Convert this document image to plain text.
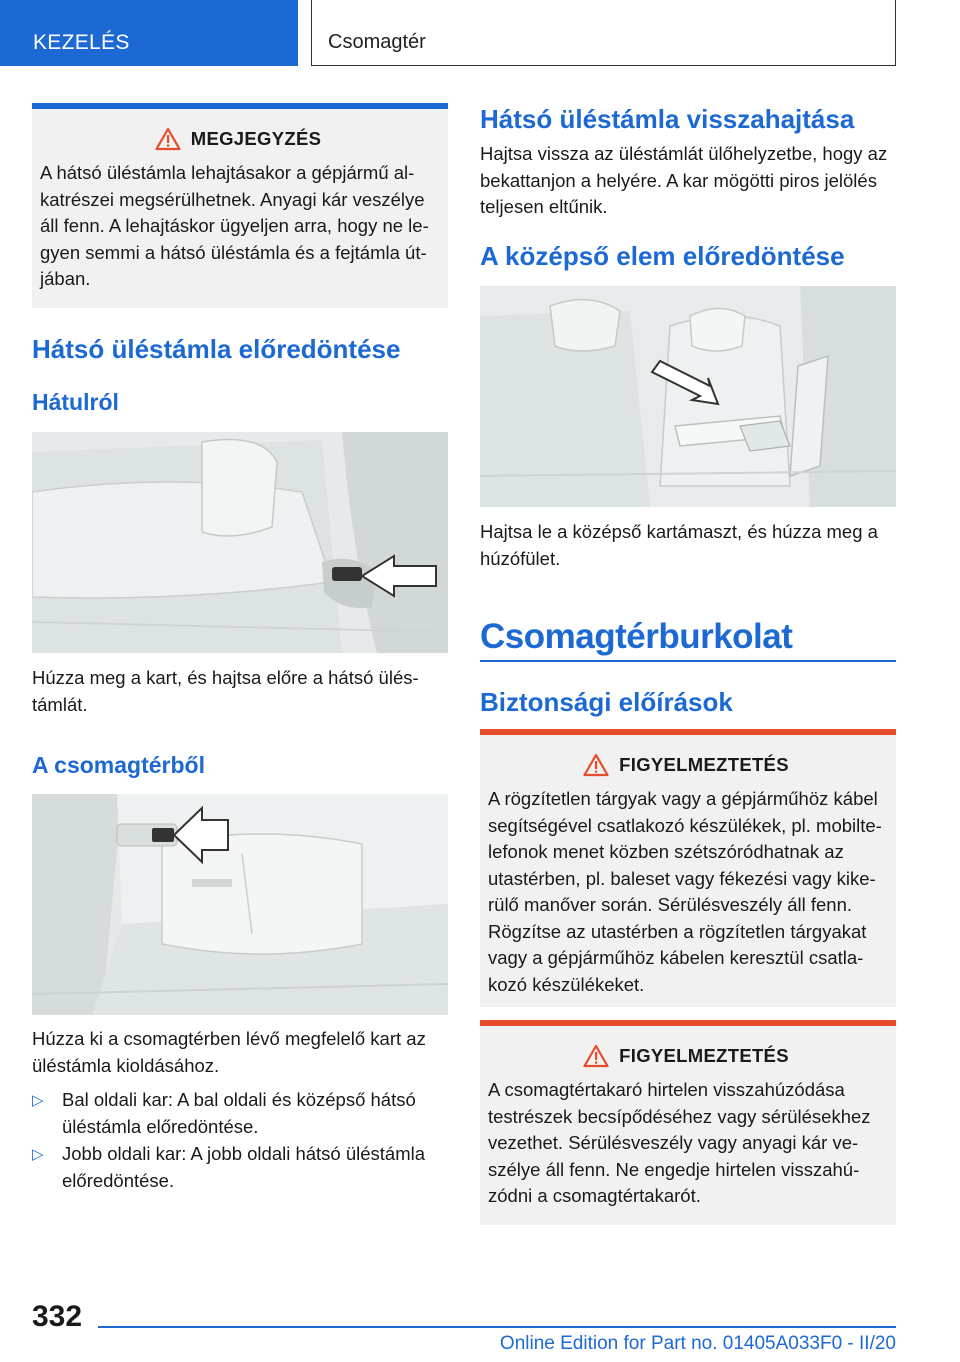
KEZELÉS	Csomagtér
MEGJEGYZÉS

A hátsó üléstámla lehajtásakor a gépjármű al-
katrészei megsérülhetnek. Anyagi kár veszélye
áll fenn. A lehajtáskor ügyeljen arra, hogy ne le-
gyen semmi a hátsó üléstámla és a fejtámla út-
jában.

Hátsó üléstámla előredöntése
Hátulról
Húzza meg a kart, és hajtsa előre a hátsó ülés-
támlát.
A csomagtérből
Húzza ki a csomagtérben lévő megfelelő kart az
üléstámla kioldásához.
▷ Bal oldali kar: A bal oldali és középső hátsó
üléstámla előredöntése.
▷ Jobb oldali kar: A jobb oldali hátsó üléstámla
előredöntése.
Hátsó üléstámla visszahajtása
Hajtsa vissza az üléstámlát ülőhelyzetbe, hogy az
bekattanjon a helyére. A kar mögötti piros jelölés
teljesen eltűnik.
A középső elem előredöntése
Hajtsa le a középső kartámaszt, és húzza meg a
húzófület.
Csomagtérburkolat
Biztonsági előírások
FIGYELMEZTETÉS

A rögzítetlen tárgyak vagy a gépjárműhöz kábel
segítségével csatlakozó készülékek, pl. mobilte-
lefonok menet közben szétszóródhatnak az
utastérben, pl. baleset vagy fékezési vagy kike-
rülő manőver során. Sérülésveszély áll fenn.
Rögzítse az utastérben a rögzítetlen tárgyakat
vagy a gépjárműhöz kábelen keresztül csatla-
kozó készülékeket.

FIGYELMEZTETÉS

A csomagtértakaró hirtelen visszahúzódása
testrészek becsípődéséhez vagy sérülésekhez
vezethet. Sérülésveszély vagy anyagi kár ve-
szélye áll fenn. Ne engedje hirtelen visszahú-
zódni a csomagtértakarót.

332
Online Edition for Part no. 01405A033F0 - II/20
